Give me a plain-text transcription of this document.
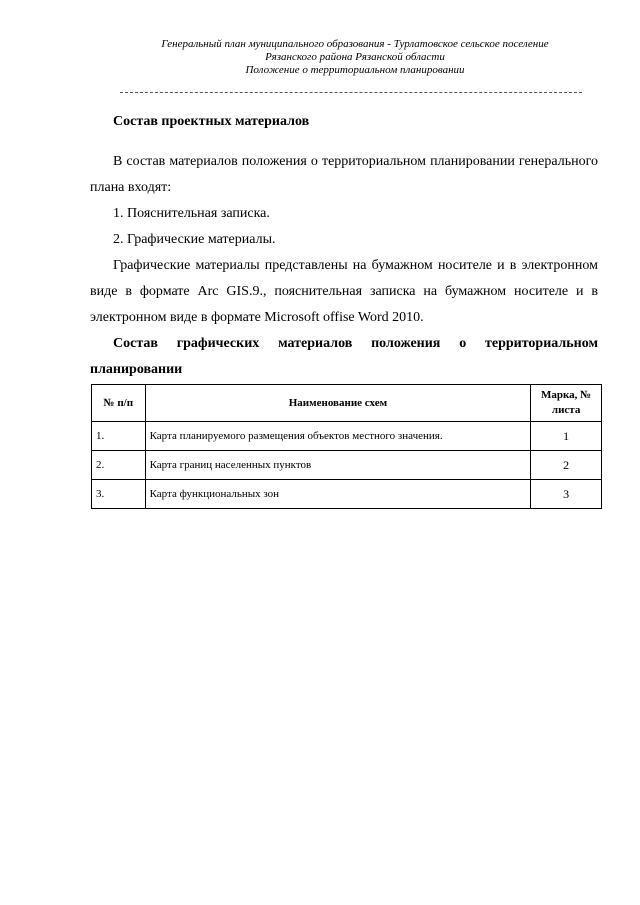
Генеральный план муниципального образования - Турлатовское сельское поселение
Рязанского района Рязанской области
Положение о территориальном планировании
Состав проектных материалов
В состав материалов положения о территориальном планировании генерального плана входят:
1. Пояснительная записка.
2. Графические материалы.
Графические материалы представлены на бумажном носителе и в электронном виде в формате Arc GIS.9., пояснительная записка на бумажном носителе и в электронном виде в формате Microsoft offise Word 2010.
Состав графических материалов положения о территориальном планировании
№ п/п	Наименование схем	Марка, № листа
1.	Карта планируемого размещения объектов местного значения.	1
2.	Карта границ населенных пунктов	2
3.	Карта функциональных зон	3
